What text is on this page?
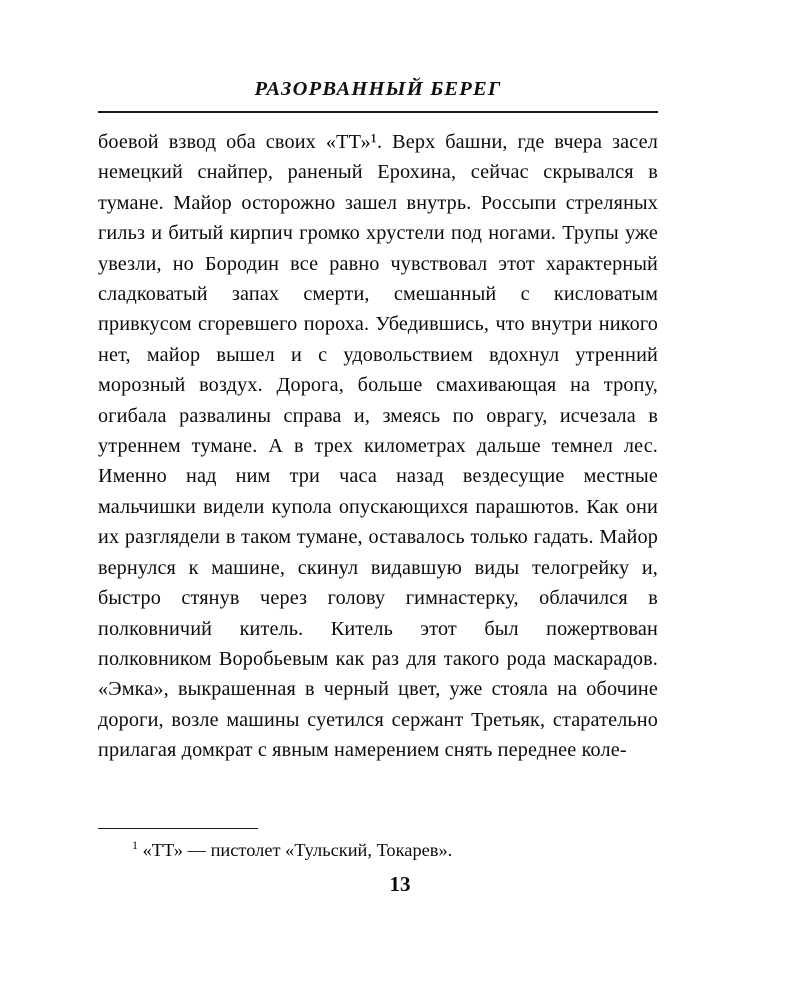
РАЗОРВАННЫЙ БЕРЕГ

боевой взвод оба своих «ТТ»¹. Верх башни, где вчера засел немецкий снайпер, раненый Ерохина, сейчас скрывался в тумане. Майор осторожно зашел внутрь. Россыпи стреляных гильз и битый кирпич громко хрустели под ногами. Трупы уже увезли, но Бородин все равно чувствовал этот характерный сладковатый запах смерти, смешанный с кисловатым привкусом сгоревшего пороха. Убедившись, что внутри никого нет, майор вышел и с удовольствием вдохнул утренний морозный воздух. Дорога, больше смахивающая на тропу, огибала развалины справа и, змеясь по оврагу, исчезала в утреннем тумане. А в трех километрах дальше темнел лес. Именно над ним три часа назад вездесущие местные мальчишки видели купола опускающихся парашютов. Как они их разглядели в таком тумане, оставалось только гадать. Майор вернулся к машине, скинул видавшую виды телогрейку и, быстро стянув через голову гимнастерку, облачился в полковничий китель. Китель этот был пожертвован полковником Воробьевым как раз для такого рода маскарадов. «Эмка», выкрашенная в черный цвет, уже стояла на обочине дороги, возле машины суетился сержант Третьяк, старательно прилагая домкрат с явным намерением снять переднее коле-

$^1$ «ТТ» — пистолет «Тульский, Токарев».
13
